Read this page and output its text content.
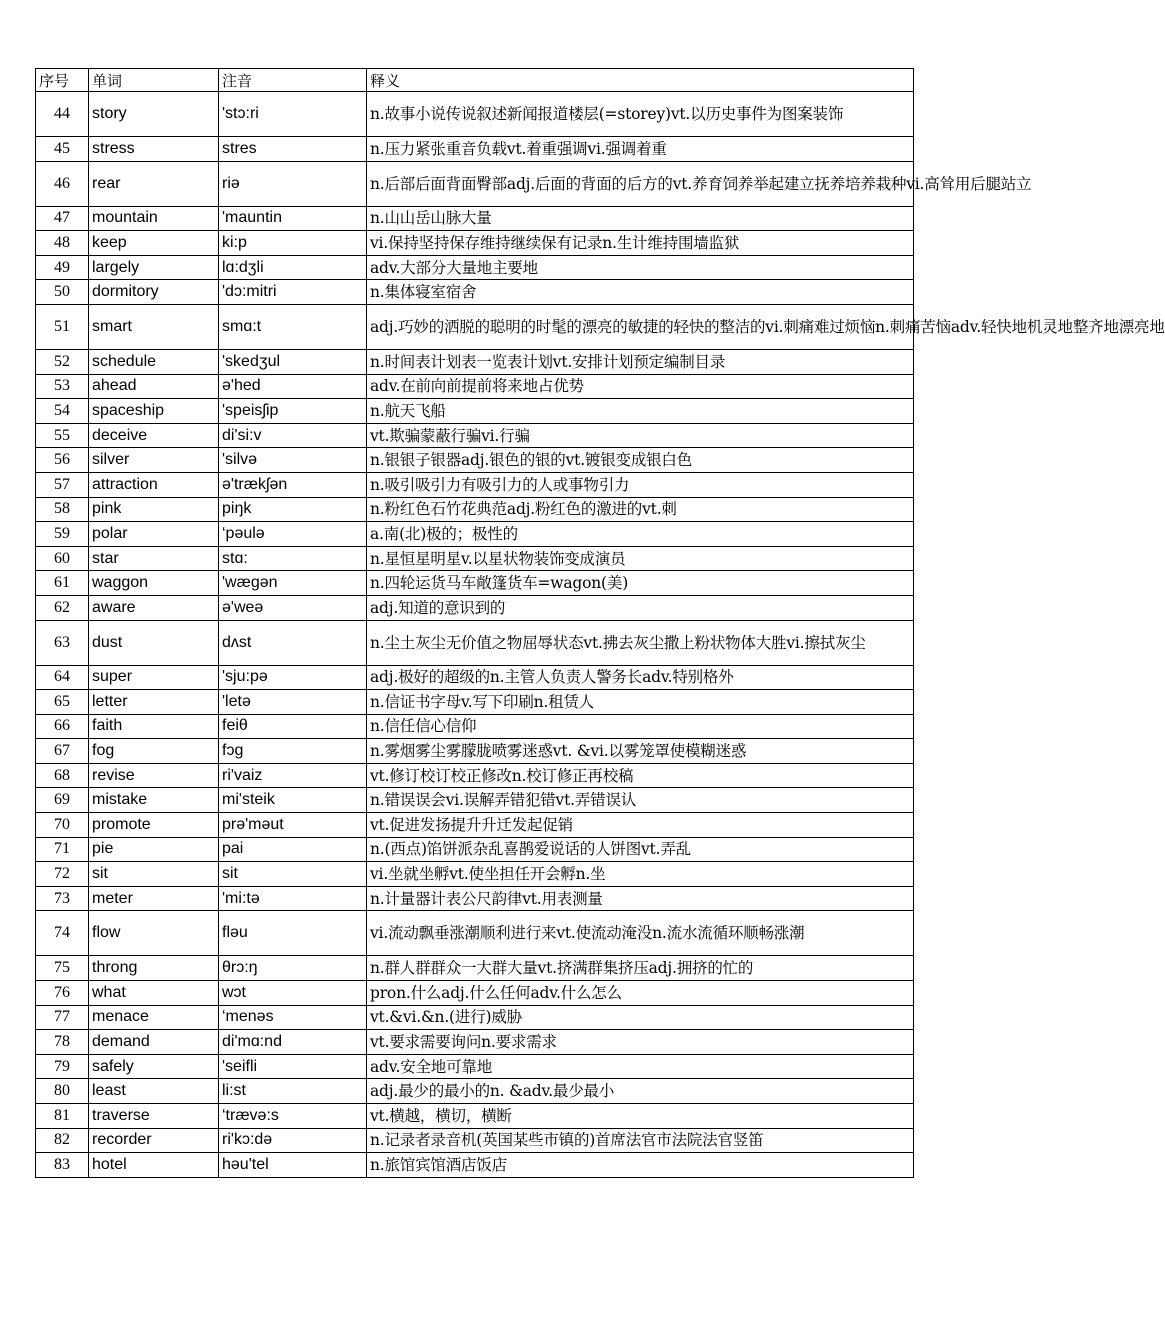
序号	单词	注音	释义
44	story	'stɔ:ri	n.故事小说传说叙述新闻报道楼层(=storey)vt.以历史事件为图案装饰
45	stress	stres	n.压力紧张重音负载vt.着重强调vi.强调着重
46	rear	riə	n.后部后面背面臀部adj.后面的背面的后方的vt.养育饲养举起建立抚养培养栽种vi.高耸用后腿站立
47	mountain	'mauntin	n.山山岳山脉大量
48	keep	ki:p	vi.保持坚持保存维持继续保有记录n.生计维持围墙监狱
49	largely	lɑ:dʒli	adv.大部分大量地主要地
50	dormitory	'dɔ:mitri	n.集体寝室宿舍
51	smart	smɑ:t	adj.巧妙的洒脱的聪明的时髦的漂亮的敏捷的轻快的整洁的vi.刺痛难过烦恼n.刺痛苦恼adv.轻快地机灵地整齐地漂亮地
52	schedule	'skedʒul	n.时间表计划表一览表计划vt.安排计划预定编制目录
53	ahead	ə'hed	adv.在前向前提前将来地占优势
54	spaceship	'speisʃip	n.航天飞船
55	deceive	di'si:v	vt.欺骗蒙蔽行骗vi.行骗
56	silver	'silvə	n.银银子银器adj.银色的银的vt.镀银变成银白色
57	attraction	ə'trækʃən	n.吸引吸引力有吸引力的人或事物引力
58	pink	piŋk	n.粉红色石竹花典范adj.粉红色的激进的vt.刺
59	polar	‘pəulə	a.南(北)极的；极性的
60	star	stɑ:	n.星恒星明星v.以星状物装饰变成演员
61	waggon	'wæɡən	n.四轮运货马车敞篷货车=wagon(美)
62	aware	ə'weə	adj.知道的意识到的
63	dust	dʌst	n.尘土灰尘无价值之物屈辱状态vt.拂去灰尘撒上粉状物体大胜vi.擦拭灰尘
64	super	'sju:pə	adj.极好的超级的n.主管人负责人警务长adv.特别格外
65	letter	'letə	n.信证书字母v.写下印刷n.租赁人
66	faith	feiθ	n.信任信心信仰
67	fog	fɔɡ	n.雾烟雾尘雾朦胧喷雾迷惑vt. &vi.以雾笼罩使模糊迷惑
68	revise	ri'vaiz	vt.修订校订校正修改n.校订修正再校稿
69	mistake	mi'steik	n.错误误会vi.误解弄错犯错vt.弄错误认
70	promote	prə'məut	vt.促进发扬提升升迁发起促销
71	pie	pai	n.(西点)馅饼派杂乱喜鹊爱说话的人饼图vt.弄乱
72	sit	sit	vi.坐就坐孵vt.使坐担任开会孵n.坐
73	meter	'mi:tə	n.计量器计表公尺韵律vt.用表测量
74	flow	fləu	vi.流动飘垂涨潮顺利进行来vt.使流动淹没n.流水流循环顺畅涨潮
75	throng	θrɔ:ŋ	n.群人群群众一大群大量vt.挤满群集挤压adj.拥挤的忙的
76	what	wɔt	pron.什么adj.什么任何adv.什么怎么
77	menace	‘menəs	vt.&vi.&n.(进行)威胁
78	demand	di'mɑ:nd	vt.要求需要询问n.要求需求
79	safely	'seifli	adv.安全地可靠地
80	least	li:st	adj.最少的最小的n. &adv.最少最小
81	traverse	‘trævə:s	vt.横越，横切，横断
82	recorder	ri'kɔ:də	n.记录者录音机(英国某些市镇的)首席法官市法院法官竖笛
83	hotel	həu'tel	n.旅馆宾馆酒店饭店
